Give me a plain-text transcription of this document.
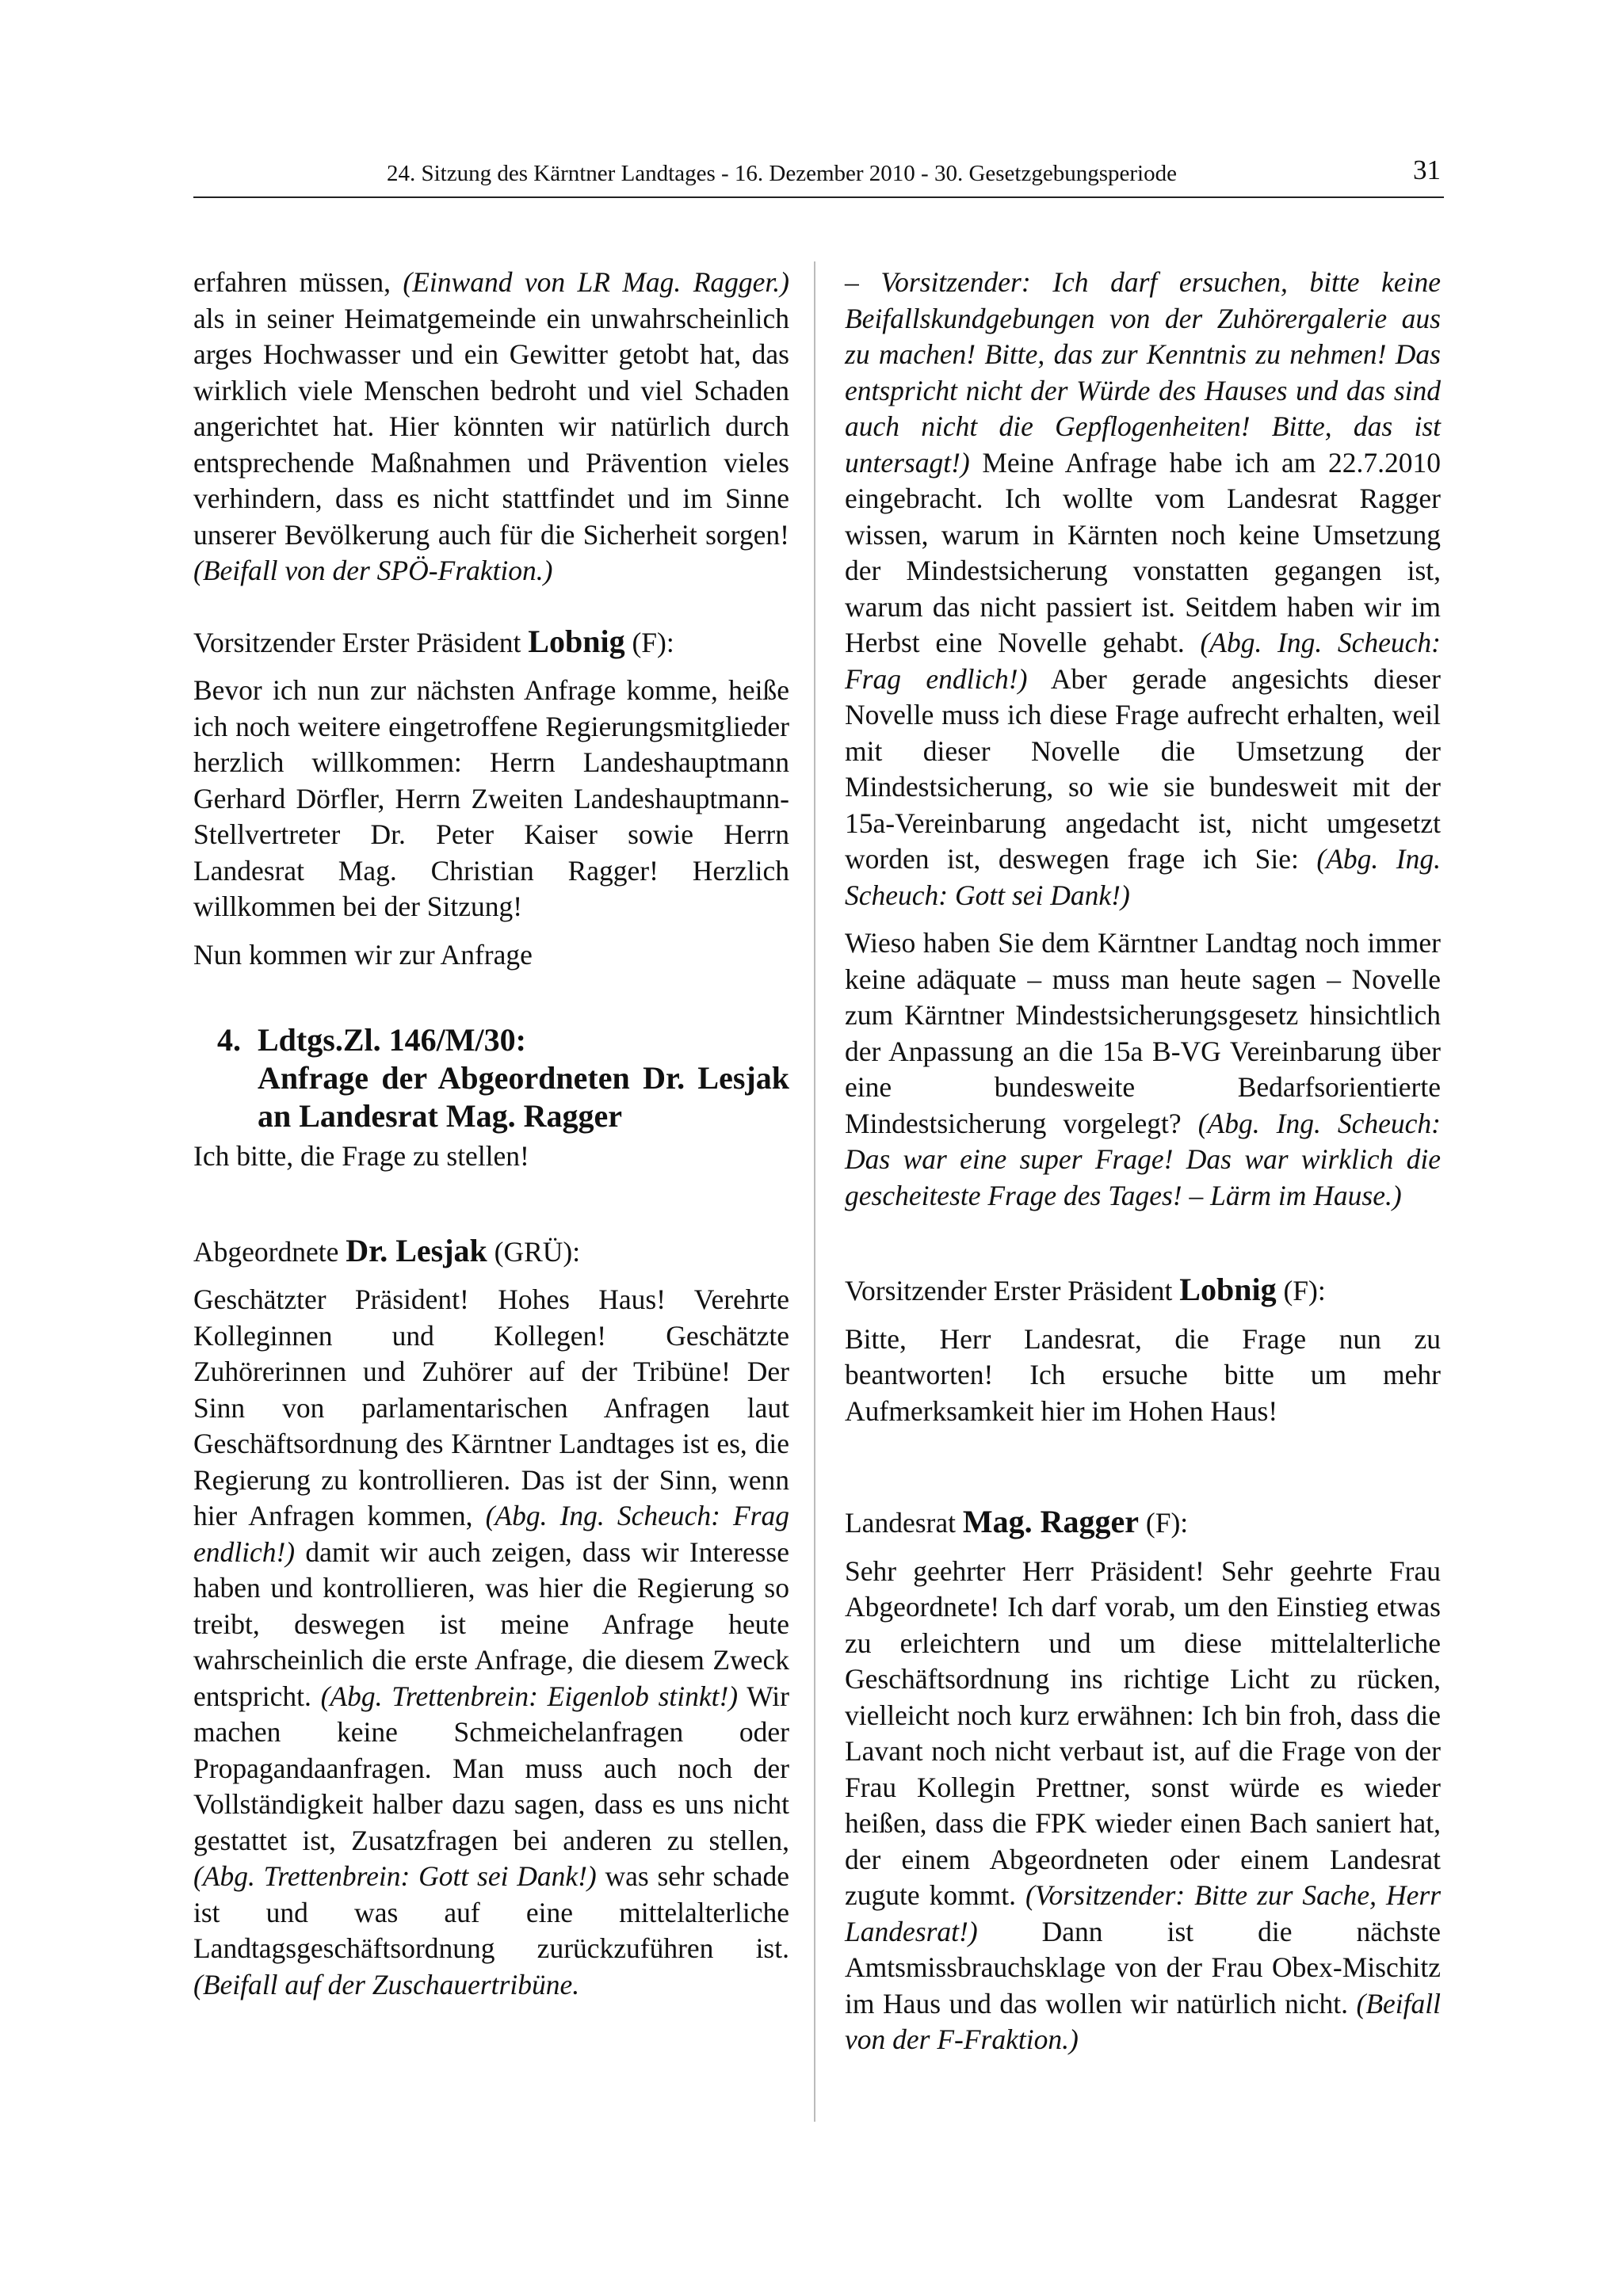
24. Sitzung des Kärntner Landtages - 16. Dezember 2010 - 30. Gesetzgebungsperiode	31

erfahren müssen, (Einwand von LR Mag. Ragger.) als in seiner Heimatgemeinde ein unwahrscheinlich arges Hochwasser und ein Gewitter getobt hat, das wirklich viele Menschen bedroht und viel Schaden angerichtet hat. Hier könnten wir natürlich durch entsprechende Maßnahmen und Prävention vieles verhindern, dass es nicht stattfindet und im Sinne unserer Bevölkerung auch für die Sicherheit sorgen! (Beifall von der SPÖ-Fraktion.)

Vorsitzender Erster Präsident Lobnig (F):

Bevor ich nun zur nächsten Anfrage komme, heiße ich noch weitere eingetroffene Regierungsmitglieder herzlich willkommen: Herrn Landeshauptmann Gerhard Dörfler, Herrn Zweiten Landeshauptmann-Stellvertreter Dr. Peter Kaiser sowie Herrn Landesrat Mag. Christian Ragger! Herzlich willkommen bei der Sitzung!

Nun kommen wir zur Anfrage

4. Ldtgs.Zl. 146/M/30:
Anfrage der Abgeordneten Dr. Lesjak an Landesrat Mag. Ragger

Ich bitte, die Frage zu stellen!

Abgeordnete Dr. Lesjak (GRÜ):

Geschätzter Präsident! Hohes Haus! Verehrte Kolleginnen und Kollegen! Geschätzte Zuhörerinnen und Zuhörer auf der Tribüne! Der Sinn von parlamentarischen Anfragen laut Geschäftsordnung des Kärntner Landtages ist es, die Regierung zu kontrollieren. Das ist der Sinn, wenn hier Anfragen kommen, (Abg. Ing. Scheuch: Frag endlich!) damit wir auch zeigen, dass wir Interesse haben und kontrollieren, was hier die Regierung so treibt, deswegen ist meine Anfrage heute wahrscheinlich die erste Anfrage, die diesem Zweck entspricht. (Abg. Trettenbrein: Eigenlob stinkt!) Wir machen keine Schmeichelanfragen oder Propagandaanfragen. Man muss auch noch der Vollständigkeit halber dazu sagen, dass es uns nicht gestattet ist, Zusatzfragen bei anderen zu stellen, (Abg. Trettenbrein: Gott sei Dank!) was sehr schade ist und was auf eine mittelalterliche Landtagsgeschäftsordnung zurückzuführen ist. (Beifall auf der Zuschauertribüne.

– Vorsitzender: Ich darf ersuchen, bitte keine Beifallskundgebungen von der Zuhörergalerie aus zu machen! Bitte, das zur Kenntnis zu nehmen! Das entspricht nicht der Würde des Hauses und das sind auch nicht die Gepflogenheiten! Bitte, das ist untersagt!) Meine Anfrage habe ich am 22.7.2010 eingebracht. Ich wollte vom Landesrat Ragger wissen, warum in Kärnten noch keine Umsetzung der Mindestsicherung vonstatten gegangen ist, warum das nicht passiert ist. Seitdem haben wir im Herbst eine Novelle gehabt. (Abg. Ing. Scheuch: Frag endlich!) Aber gerade angesichts dieser Novelle muss ich diese Frage aufrecht erhalten, weil mit dieser Novelle die Umsetzung der Mindestsicherung, so wie sie bundesweit mit der 15a-Vereinbarung angedacht ist, nicht umgesetzt worden ist, deswegen frage ich Sie: (Abg. Ing. Scheuch: Gott sei Dank!)

Wieso haben Sie dem Kärntner Landtag noch immer keine adäquate – muss man heute sagen – Novelle zum Kärntner Mindestsicherungsgesetz hinsichtlich der Anpassung an die 15a B-VG Vereinbarung über eine bundesweite Bedarfsorientierte Mindestsicherung vorgelegt? (Abg. Ing. Scheuch: Das war eine super Frage! Das war wirklich die gescheiteste Frage des Tages! – Lärm im Hause.)

Vorsitzender Erster Präsident Lobnig (F):

Bitte, Herr Landesrat, die Frage nun zu beantworten! Ich ersuche bitte um mehr Aufmerksamkeit hier im Hohen Haus!

Landesrat Mag. Ragger (F):

Sehr geehrter Herr Präsident! Sehr geehrte Frau Abgeordnete! Ich darf vorab, um den Einstieg etwas zu erleichtern und um diese mittelalterliche Geschäftsordnung ins richtige Licht zu rücken, vielleicht noch kurz erwähnen: Ich bin froh, dass die Lavant noch nicht verbaut ist, auf die Frage von der Frau Kollegin Prettner, sonst würde es wieder heißen, dass die FPK wieder einen Bach saniert hat, der einem Abgeordneten oder einem Landesrat zugute kommt. (Vorsitzender: Bitte zur Sache, Herr Landesrat!) Dann ist die nächste Amtsmissbrauchsklage von der Frau Obex-Mischitz im Haus und das wollen wir natürlich nicht. (Beifall von der F-Fraktion.)
